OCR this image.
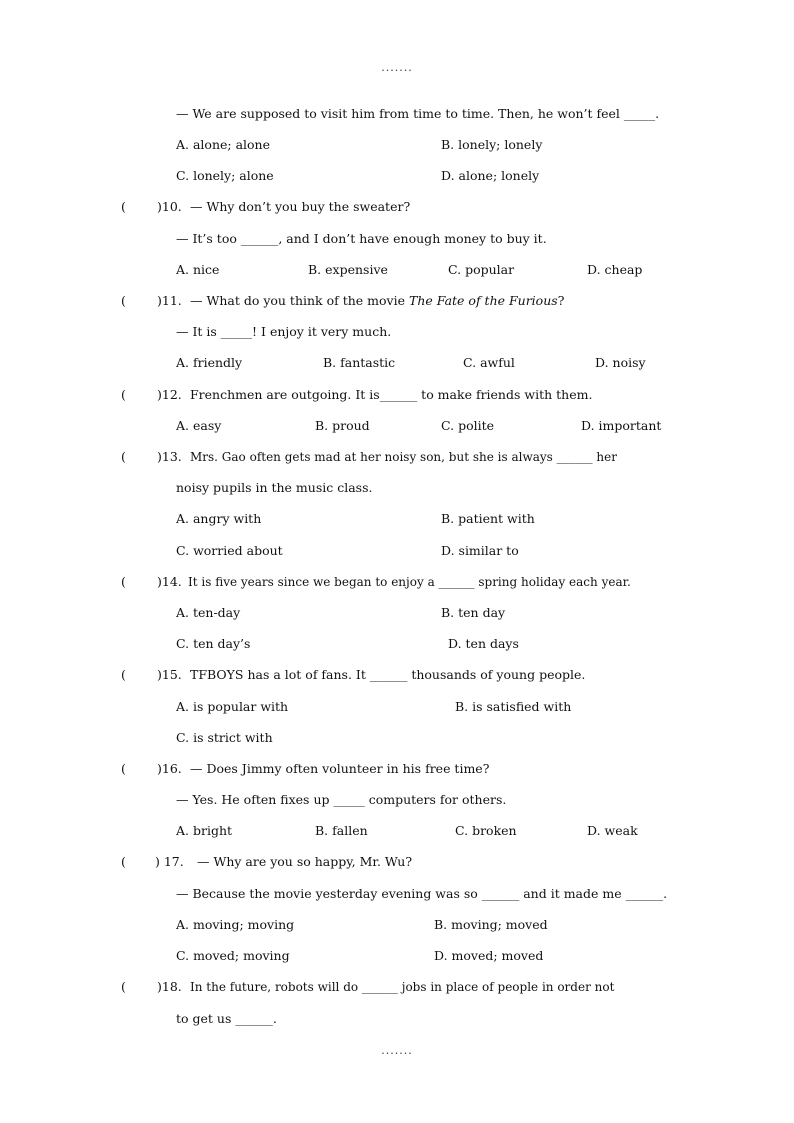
.......
— We are supposed to visit him from time to time. Then, he won’t feel _____.
A. alone; alone	B. lonely; lonely
C. lonely; alone	D. alone; lonely
( )10. — Why don’t you buy the sweater?
— It’s too ______, and I don’t have enough money to buy it.
A. nice	B. expensive	C. popular	D. cheap
( )11. — What do you think of the movie The Fate of the Furious?
— It is _____! I enjoy it very much.
A. friendly	B. fantastic	C. awful	D. noisy
( )12. Frenchmen are outgoing. It is______ to make friends with them.
A. easy	B. proud	C. polite	D. important
( )13. Mrs. Gao often gets mad at her noisy son, but she is always ______ her
noisy pupils in the music class.
A. angry with	B. patient with
C. worried about	D. similar to
( )14. It is five years since we began to enjoy a ______ spring holiday each year.
A. ten-day	B. ten day
C. ten day’s	D. ten days
( )15. TFBOYS has a lot of fans. It ______ thousands of young people.
A. is popular with	B. is satisfied with
C. is strict with
( )16. — Does Jimmy often volunteer in his free time?
— Yes. He often fixes up _____ computers for others.
A. bright	B. fallen	C. broken	D. weak
( ) 17. — Why are you so happy, Mr. Wu?
— Because the movie yesterday evening was so ______ and it made me ______.
A. moving; moving	B. moving; moved
C. moved; moving	D. moved; moved
( )18. In the future, robots will do ______ jobs in place of people in order not
to get us ______.
.......
